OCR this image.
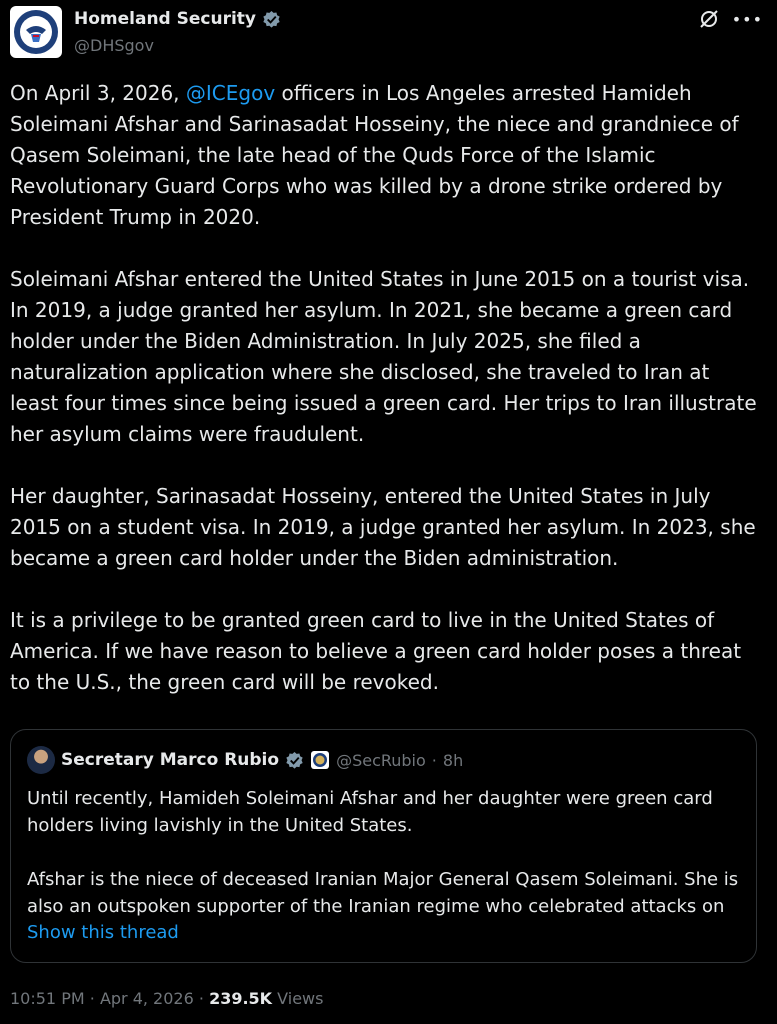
Homeland Security
@DHSgov
•••

On April 3, 2026, @ICEgov officers in Los Angeles arrested Hamideh Soleimani Afshar and Sarinasadat Hosseiny, the niece and grandniece of Qasem Soleimani, the late head of the Quds Force of the Islamic Revolutionary Guard Corps who was killed by a drone strike ordered by President Trump in 2020.

Soleimani Afshar entered the United States in June 2015 on a tourist visa. In 2019, a judge granted her asylum. In 2021, she became a green card holder under the Biden Administration. In July 2025, she filed a naturalization application where she disclosed, she traveled to Iran at least four times since being issued a green card. Her trips to Iran illustrate her asylum claims were fraudulent.

Her daughter, Sarinasadat Hosseiny, entered the United States in July 2015 on a student visa. In 2019, a judge granted her asylum. In 2023, she became a green card holder under the Biden administration.

It is a privilege to be granted green card to live in the United States of America. If we have reason to believe a green card holder poses a threat to the U.S., the green card will be revoked.

Secretary Marco Rubio	@SecRubio · 8h

Until recently, Hamideh Soleimani Afshar and her daughter were green card holders living lavishly in the United States.

Afshar is the niece of deceased Iranian Major General Qasem Soleimani. She is also an outspoken supporter of the Iranian regime who celebrated attacks on

Show this thread
10:51 PM · Apr 4, 2026 · 239.5K Views
